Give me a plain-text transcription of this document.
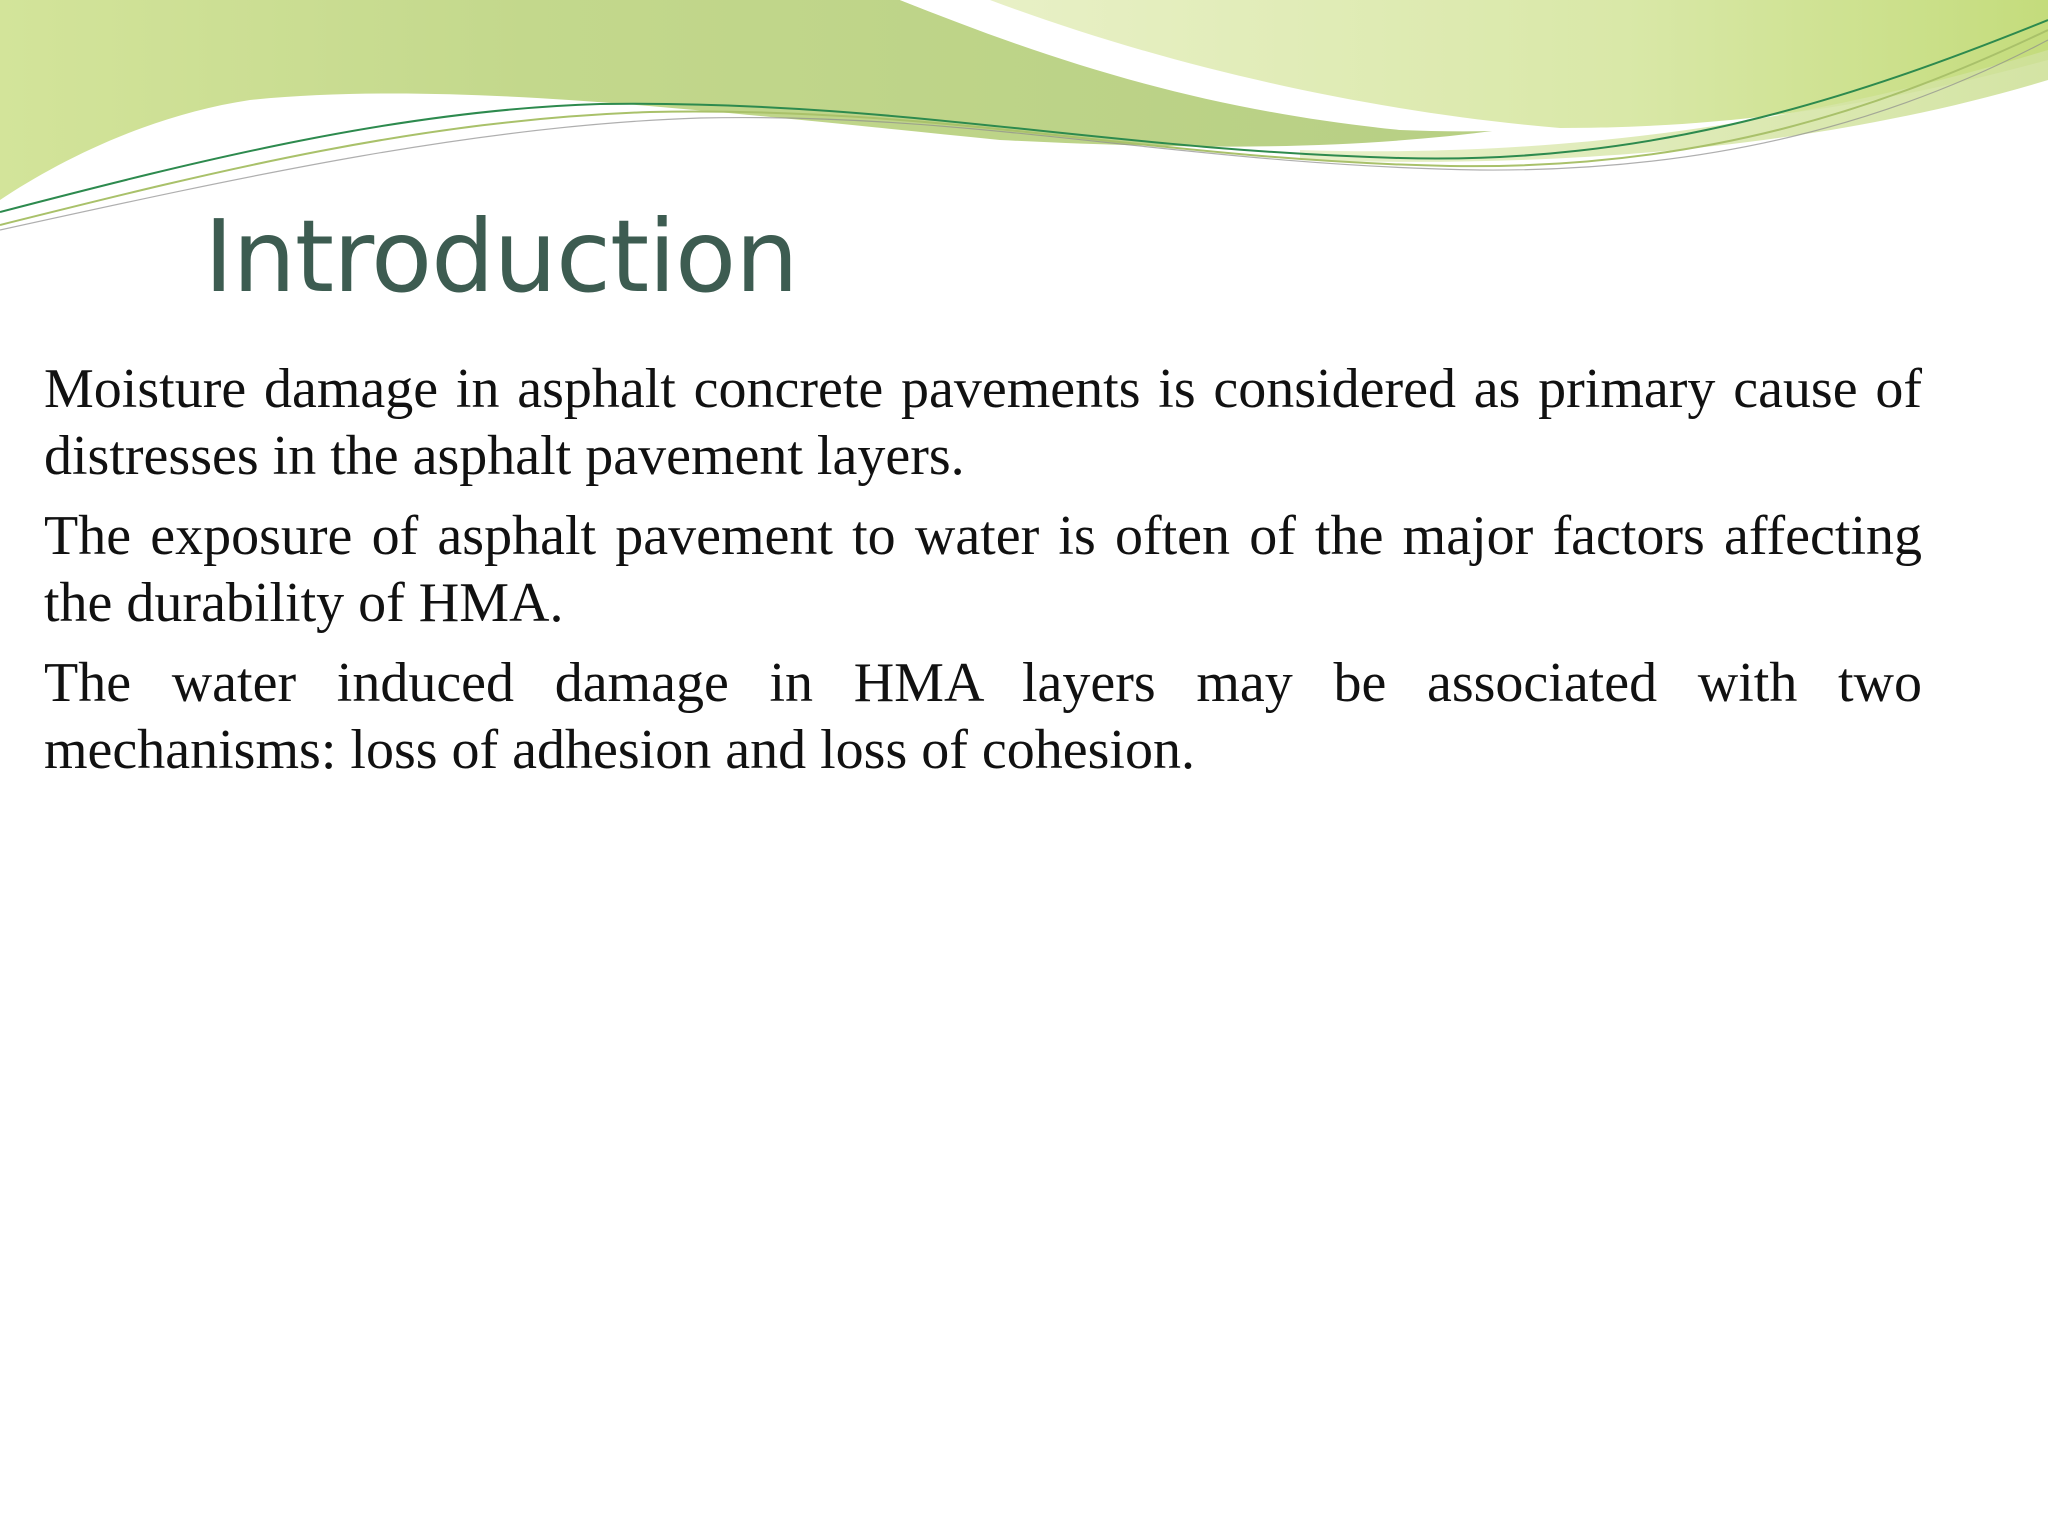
Introduction

Moisture damage in asphalt concrete pavements is considered as primary cause of distresses in the asphalt pavement layers.

The exposure of asphalt pavement to water is often of the major factors affecting the durability of HMA.

The water induced damage in HMA layers may be associated with two mechanisms: loss of adhesion and loss of cohesion.
